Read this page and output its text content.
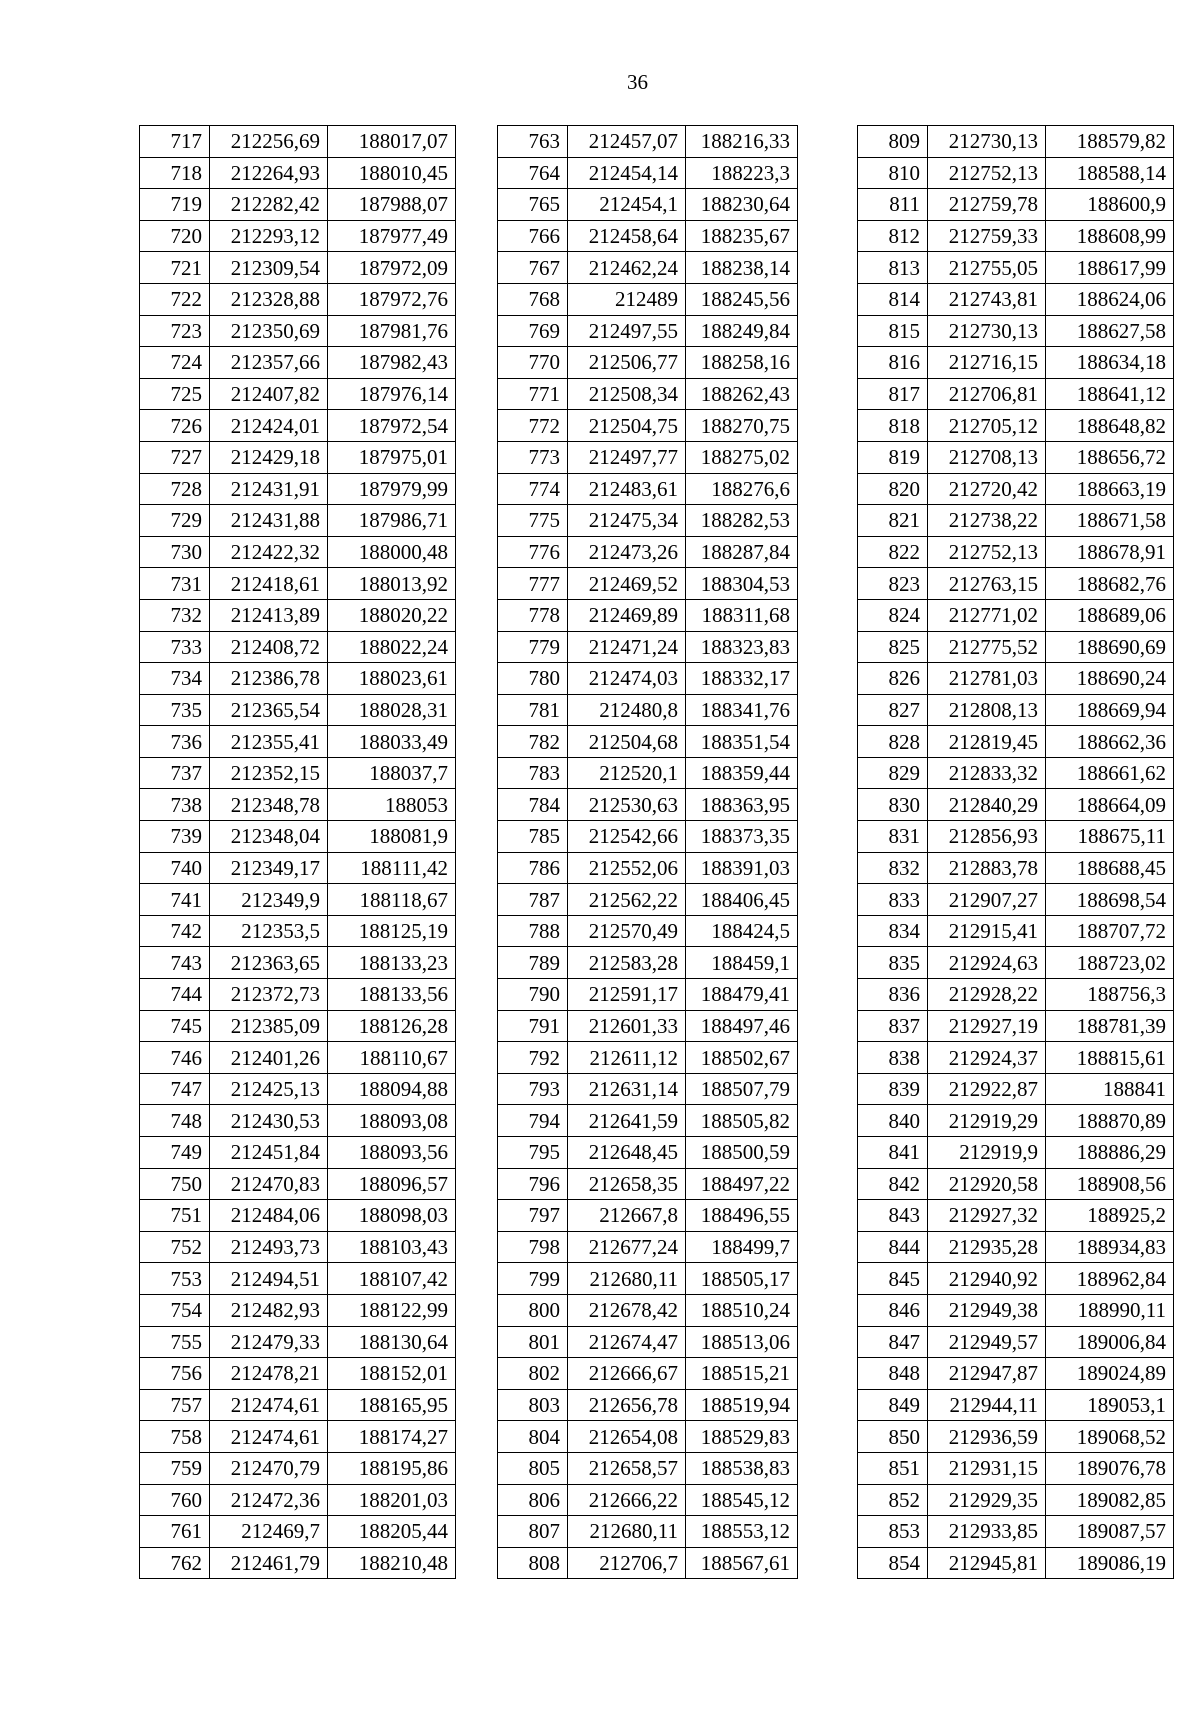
36
717	212256,69	188017,07
718	212264,93	188010,45
719	212282,42	187988,07
720	212293,12	187977,49
721	212309,54	187972,09
722	212328,88	187972,76
723	212350,69	187981,76
724	212357,66	187982,43
725	212407,82	187976,14
726	212424,01	187972,54
727	212429,18	187975,01
728	212431,91	187979,99
729	212431,88	187986,71
730	212422,32	188000,48
731	212418,61	188013,92
732	212413,89	188020,22
733	212408,72	188022,24
734	212386,78	188023,61
735	212365,54	188028,31
736	212355,41	188033,49
737	212352,15	188037,7
738	212348,78	188053
739	212348,04	188081,9
740	212349,17	188111,42
741	212349,9	188118,67
742	212353,5	188125,19
743	212363,65	188133,23
744	212372,73	188133,56
745	212385,09	188126,28
746	212401,26	188110,67
747	212425,13	188094,88
748	212430,53	188093,08
749	212451,84	188093,56
750	212470,83	188096,57
751	212484,06	188098,03
752	212493,73	188103,43
753	212494,51	188107,42
754	212482,93	188122,99
755	212479,33	188130,64
756	212478,21	188152,01
757	212474,61	188165,95
758	212474,61	188174,27
759	212470,79	188195,86
760	212472,36	188201,03
761	212469,7	188205,44
762	212461,79	188210,48
763	212457,07	188216,33
764	212454,14	188223,3
765	212454,1	188230,64
766	212458,64	188235,67
767	212462,24	188238,14
768	212489	188245,56
769	212497,55	188249,84
770	212506,77	188258,16
771	212508,34	188262,43
772	212504,75	188270,75
773	212497,77	188275,02
774	212483,61	188276,6
775	212475,34	188282,53
776	212473,26	188287,84
777	212469,52	188304,53
778	212469,89	188311,68
779	212471,24	188323,83
780	212474,03	188332,17
781	212480,8	188341,76
782	212504,68	188351,54
783	212520,1	188359,44
784	212530,63	188363,95
785	212542,66	188373,35
786	212552,06	188391,03
787	212562,22	188406,45
788	212570,49	188424,5
789	212583,28	188459,1
790	212591,17	188479,41
791	212601,33	188497,46
792	212611,12	188502,67
793	212631,14	188507,79
794	212641,59	188505,82
795	212648,45	188500,59
796	212658,35	188497,22
797	212667,8	188496,55
798	212677,24	188499,7
799	212680,11	188505,17
800	212678,42	188510,24
801	212674,47	188513,06
802	212666,67	188515,21
803	212656,78	188519,94
804	212654,08	188529,83
805	212658,57	188538,83
806	212666,22	188545,12
807	212680,11	188553,12
808	212706,7	188567,61
809	212730,13	188579,82
810	212752,13	188588,14
811	212759,78	188600,9
812	212759,33	188608,99
813	212755,05	188617,99
814	212743,81	188624,06
815	212730,13	188627,58
816	212716,15	188634,18
817	212706,81	188641,12
818	212705,12	188648,82
819	212708,13	188656,72
820	212720,42	188663,19
821	212738,22	188671,58
822	212752,13	188678,91
823	212763,15	188682,76
824	212771,02	188689,06
825	212775,52	188690,69
826	212781,03	188690,24
827	212808,13	188669,94
828	212819,45	188662,36
829	212833,32	188661,62
830	212840,29	188664,09
831	212856,93	188675,11
832	212883,78	188688,45
833	212907,27	188698,54
834	212915,41	188707,72
835	212924,63	188723,02
836	212928,22	188756,3
837	212927,19	188781,39
838	212924,37	188815,61
839	212922,87	188841
840	212919,29	188870,89
841	212919,9	188886,29
842	212920,58	188908,56
843	212927,32	188925,2
844	212935,28	188934,83
845	212940,92	188962,84
846	212949,38	188990,11
847	212949,57	189006,84
848	212947,87	189024,89
849	212944,11	189053,1
850	212936,59	189068,52
851	212931,15	189076,78
852	212929,35	189082,85
853	212933,85	189087,57
854	212945,81	189086,19
